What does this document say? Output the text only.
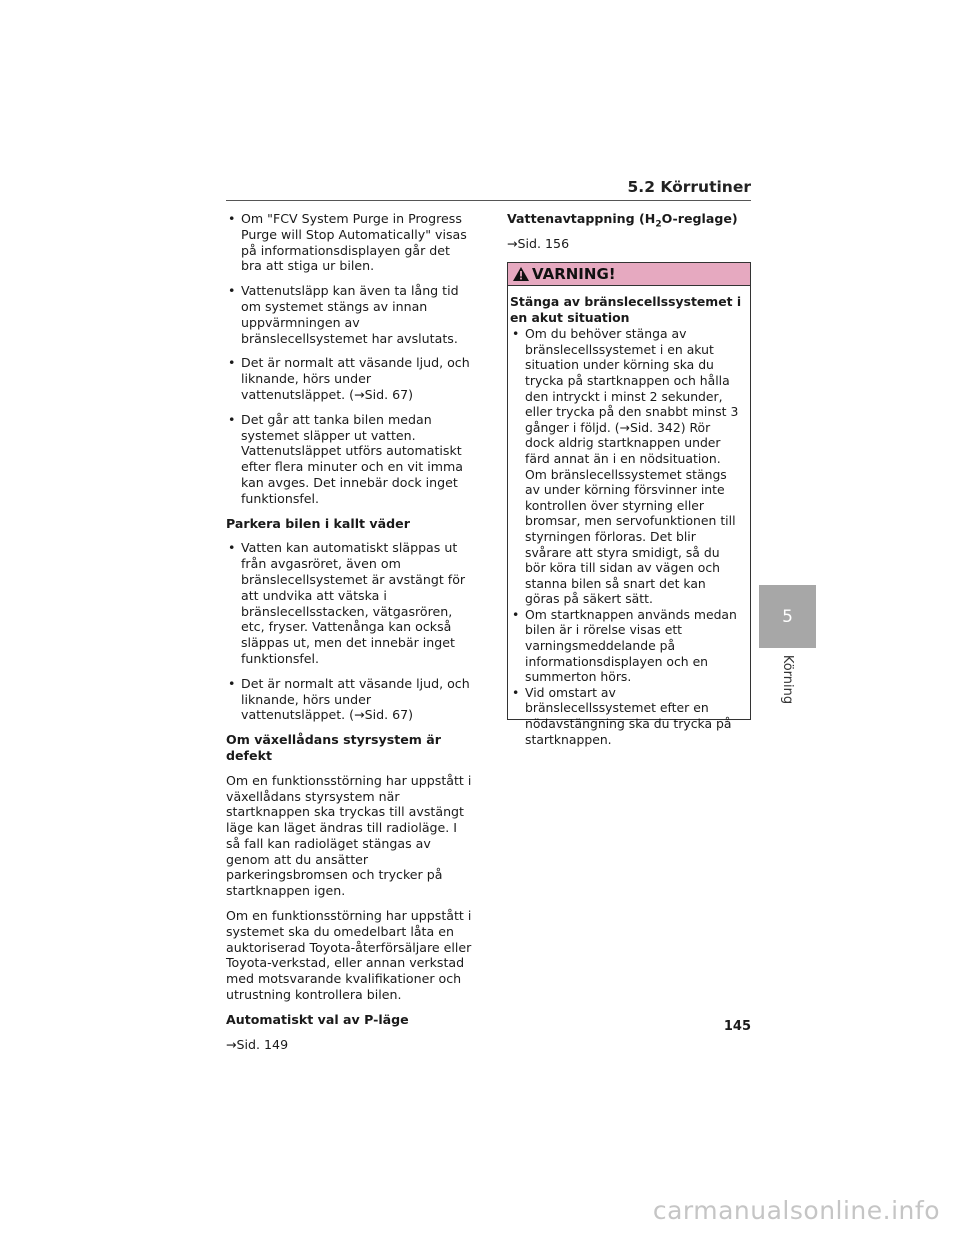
5.2 Körrutiner
• Om "FCV System Purge in Progress Purge will Stop Automatically" visas på informationsdisplayen går det bra att stiga ur bilen.
• Vattenutsläpp kan även ta lång tid om systemet stängs av innan uppvärmningen av bränslecellsystemet har avslutats.
• Det är normalt att väsande ljud, och liknande, hörs under vattenutsläppet. (→Sid. 67)
• Det går att tanka bilen medan systemet släpper ut vatten. Vattenutsläppet utförs automatiskt efter flera minuter och en vit imma kan avges. Det innebär dock inget funktionsfel.
Parkera bilen i kallt väder
• Vatten kan automatiskt släppas ut från avgasröret, även om bränslecellsystemet är avstängt för att undvika att vätska i bränslecellsstacken, vätgasrören, etc, fryser. Vattenånga kan också släppas ut, men det innebär inget funktionsfel.
• Det är normalt att väsande ljud, och liknande, hörs under vattenutsläppet. (→Sid. 67)
Om växellådans styrsystem är defekt
Om en funktionsstörning har uppstått i växellådans styrsystem när startknappen ska tryckas till avstängt läge kan läget ändras till radioläge. I så fall kan radioläget stängas av genom att du ansätter parkeringsbromsen och trycker på startknappen igen.
Om en funktionsstörning har uppstått i systemet ska du omedelbart låta en auktoriserad Toyota-återförsäljare eller Toyota-verkstad, eller annan verkstad med motsvarande kvalifikationer och utrustning kontrollera bilen.
Automatiskt val av P-läge
→Sid. 149
Vattenavtappning $(H_2O-reglage)$
→Sid. 156
VARNING!
Stänga av bränslecellssystemet i en akut situation
• Om du behöver stänga av bränslecellssystemet i en akut situation under körning ska du trycka på startknappen och hålla den intryckt i minst 2 sekunder, eller trycka på den snabbt minst 3 gånger i följd. (→Sid. 342) Rör dock aldrig startknappen under färd annat än i en nödsituation. Om bränslecellssystemet stängs av under körning försvinner inte kontrollen över styrning eller bromsar, men servofunktionen till styrningen förloras. Det blir svårare att styra smidigt, så du bör köra till sidan av vägen och stanna bilen så snart det kan göras på säkert sätt.
• Om startknappen används medan bilen är i rörelse visas ett varningsmeddelande på informationsdisplayen och en summerton hörs.
• Vid omstart av bränslecellssystemet efter en nödavstängning ska du trycka på startknappen.
5
Körning
145
carmanualsonline.info
